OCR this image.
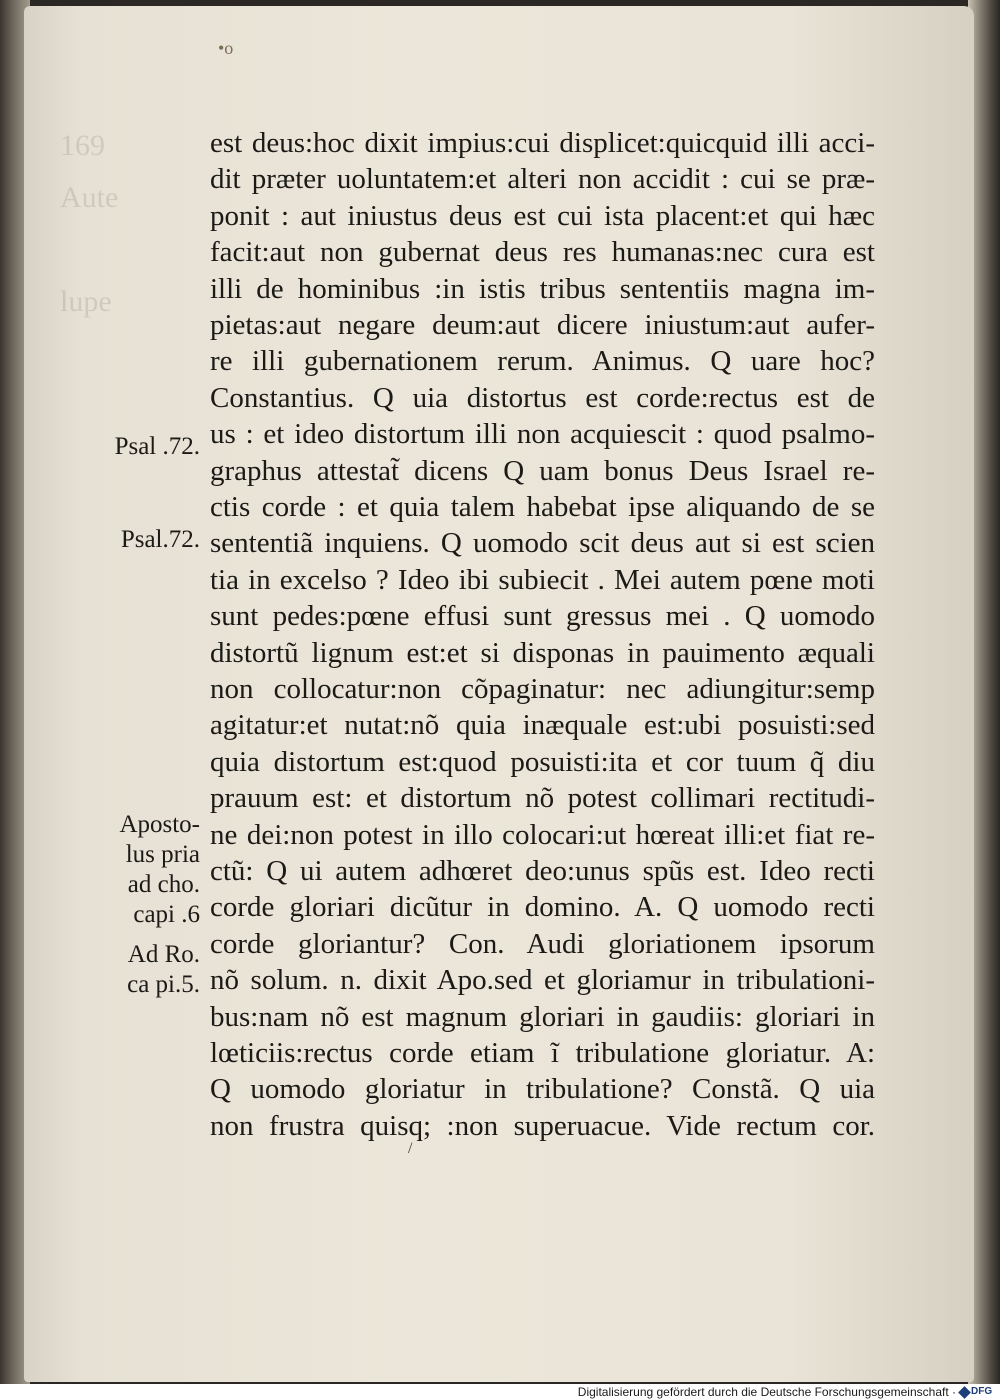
•o
est deus:hoc dixit impius:cui displicet:quicquid illi acci-
dit præter uoluntatem:et alteri non accidit : cui se præ-
ponit : aut iniustus deus est cui ista placent:et qui hæc
facit:aut non gubernat deus res humanas:nec cura est
illi de hominibus :in istis tribus sententiis magna im-
pietas:aut negare deum:aut dicere iniustum:aut aufer-
re illi gubernationem rerum. Animus. Q uare hoc?
Constantius. Q uia distortus est corde:rectus est de
us : et ideo distortum illi non acquiescit : quod psalmo-
graphus attestat̃ dicens Q uam bonus Deus Israel re-
ctis corde : et quia talem habebat ipse aliquando de se
sententiã inquiens. Q uomodo scit deus aut si est scien
tia in excelso ? Ideo ibi subiecit . Mei autem pœne moti
sunt pedes:pœne effusi sunt gressus mei . Q uomodo
distortũ lignum est:et si disponas in pauimento æquali
non collocatur:non cõpaginatur: nec adiungitur:semp
agitatur:et nutat:nõ quia inæquale est:ubi posuisti:sed
quia distortum est:quod posuisti:ita et cor tuum q̃ diu
prauum est: et distortum nõ potest collimari rectitudi-
ne dei:non potest in illo colocari:ut hœreat illi:et fiat re-
ctũ: Q ui autem adhœret deo:unus spũs est. Ideo recti
corde gloriari dicũtur in domino. A. Q uomodo recti
corde gloriantur? Con. Audi gloriationem ipsorum
nõ solum. n. dixit Apo.sed et gloriamur in tribulationi-
bus:nam nõ est magnum gloriari in gaudiis: gloriari in
lœticiis:rectus corde etiam ĩ tribulatione gloriatur. A:
Q uomodo gloriatur in tribulatione? Constã. Q uia
non frustra quisq; :non superuacue. Vide rectum cor.
Psal .72.
Psal.72.
Aposto-
lus pria
ad cho.
capi .6
Ad Ro.
ca pi.5.
/
Digitalisierung gefördert durch die Deutsche Forschungsgemeinschaft · DFG
